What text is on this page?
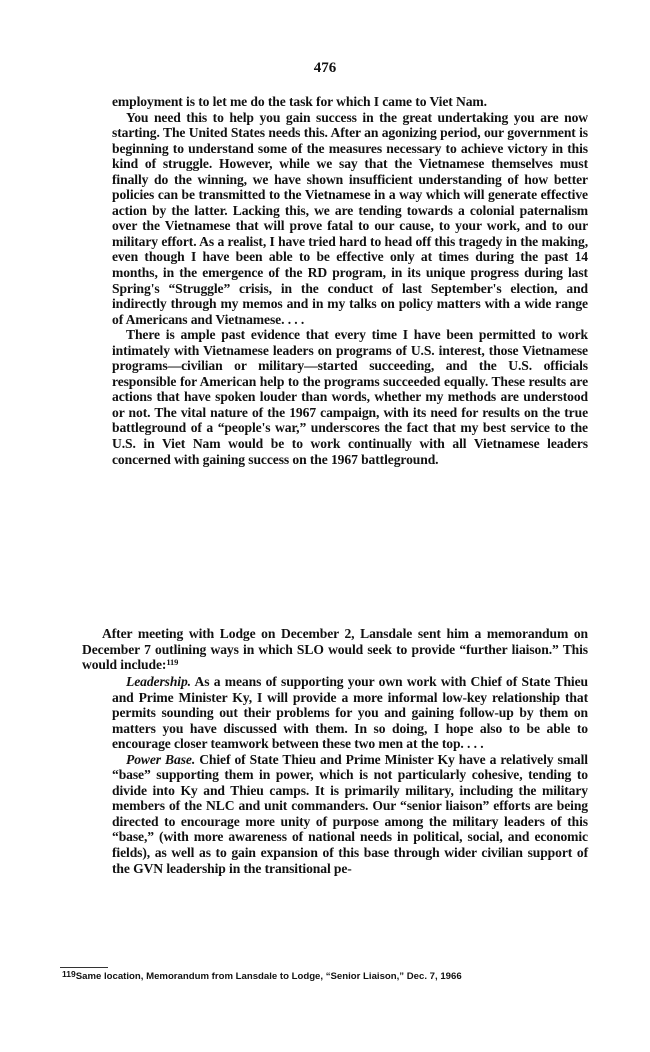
476

employment is to let me do the task for which I came to Viet Nam.

You need this to help you gain success in the great undertaking you are now starting. The United States needs this. After an agonizing period, our government is beginning to understand some of the measures necessary to achieve victory in this kind of struggle. However, while we say that the Vietnamese themselves must finally do the winning, we have shown insufficient understanding of how better policies can be transmitted to the Vietnamese in a way which will generate effective action by the latter. Lacking this, we are tending towards a colonial paternalism over the Vietnamese that will prove fatal to our cause, to your work, and to our military effort. As a realist, I have tried hard to head off this tragedy in the making, even though I have been able to be effective only at times during the past 14 months, in the emergence of the RD program, in its unique progress during last Spring's “Struggle” crisis, in the conduct of last September's election, and indirectly through my memos and in my talks on policy matters with a wide range of Americans and Vietnamese. . . .

There is ample past evidence that every time I have been permitted to work intimately with Vietnamese leaders on programs of U.S. interest, those Vietnamese programs—civilian or military—started succeeding, and the U.S. officials responsible for American help to the programs succeeded equally. These results are actions that have spoken louder than words, whether my methods are understood or not. The vital nature of the 1967 campaign, with its need for results on the true battleground of a “people's war,” underscores the fact that my best service to the U.S. in Viet Nam would be to work continually with all Vietnamese leaders concerned with gaining success on the 1967 battleground.

After meeting with Lodge on December 2, Lansdale sent him a memorandum on December 7 outlining ways in which SLO would seek to provide “further liaison.” This would include:$^{119}$

Leadership. As a means of supporting your own work with Chief of State Thieu and Prime Minister Ky, I will provide a more informal low-key relationship that permits sounding out their problems for you and gaining follow-up by them on matters you have discussed with them. In so doing, I hope also to be able to encourage closer teamwork between these two men at the top. . . .

Power Base. Chief of State Thieu and Prime Minister Ky have a relatively small “base” supporting them in power, which is not particularly cohesive, tending to divide into Ky and Thieu camps. It is primarily military, including the military members of the NLC and unit commanders. Our “senior liaison” efforts are being directed to encourage more unity of purpose among the military leaders of this “base,” (with more awareness of national needs in political, social, and economic fields), as well as to gain expansion of this base through wider civilian support of the GVN leadership in the transitional pe-

119Same location, Memorandum from Lansdale to Lodge, “Senior Liaison,” Dec. 7, 1966
